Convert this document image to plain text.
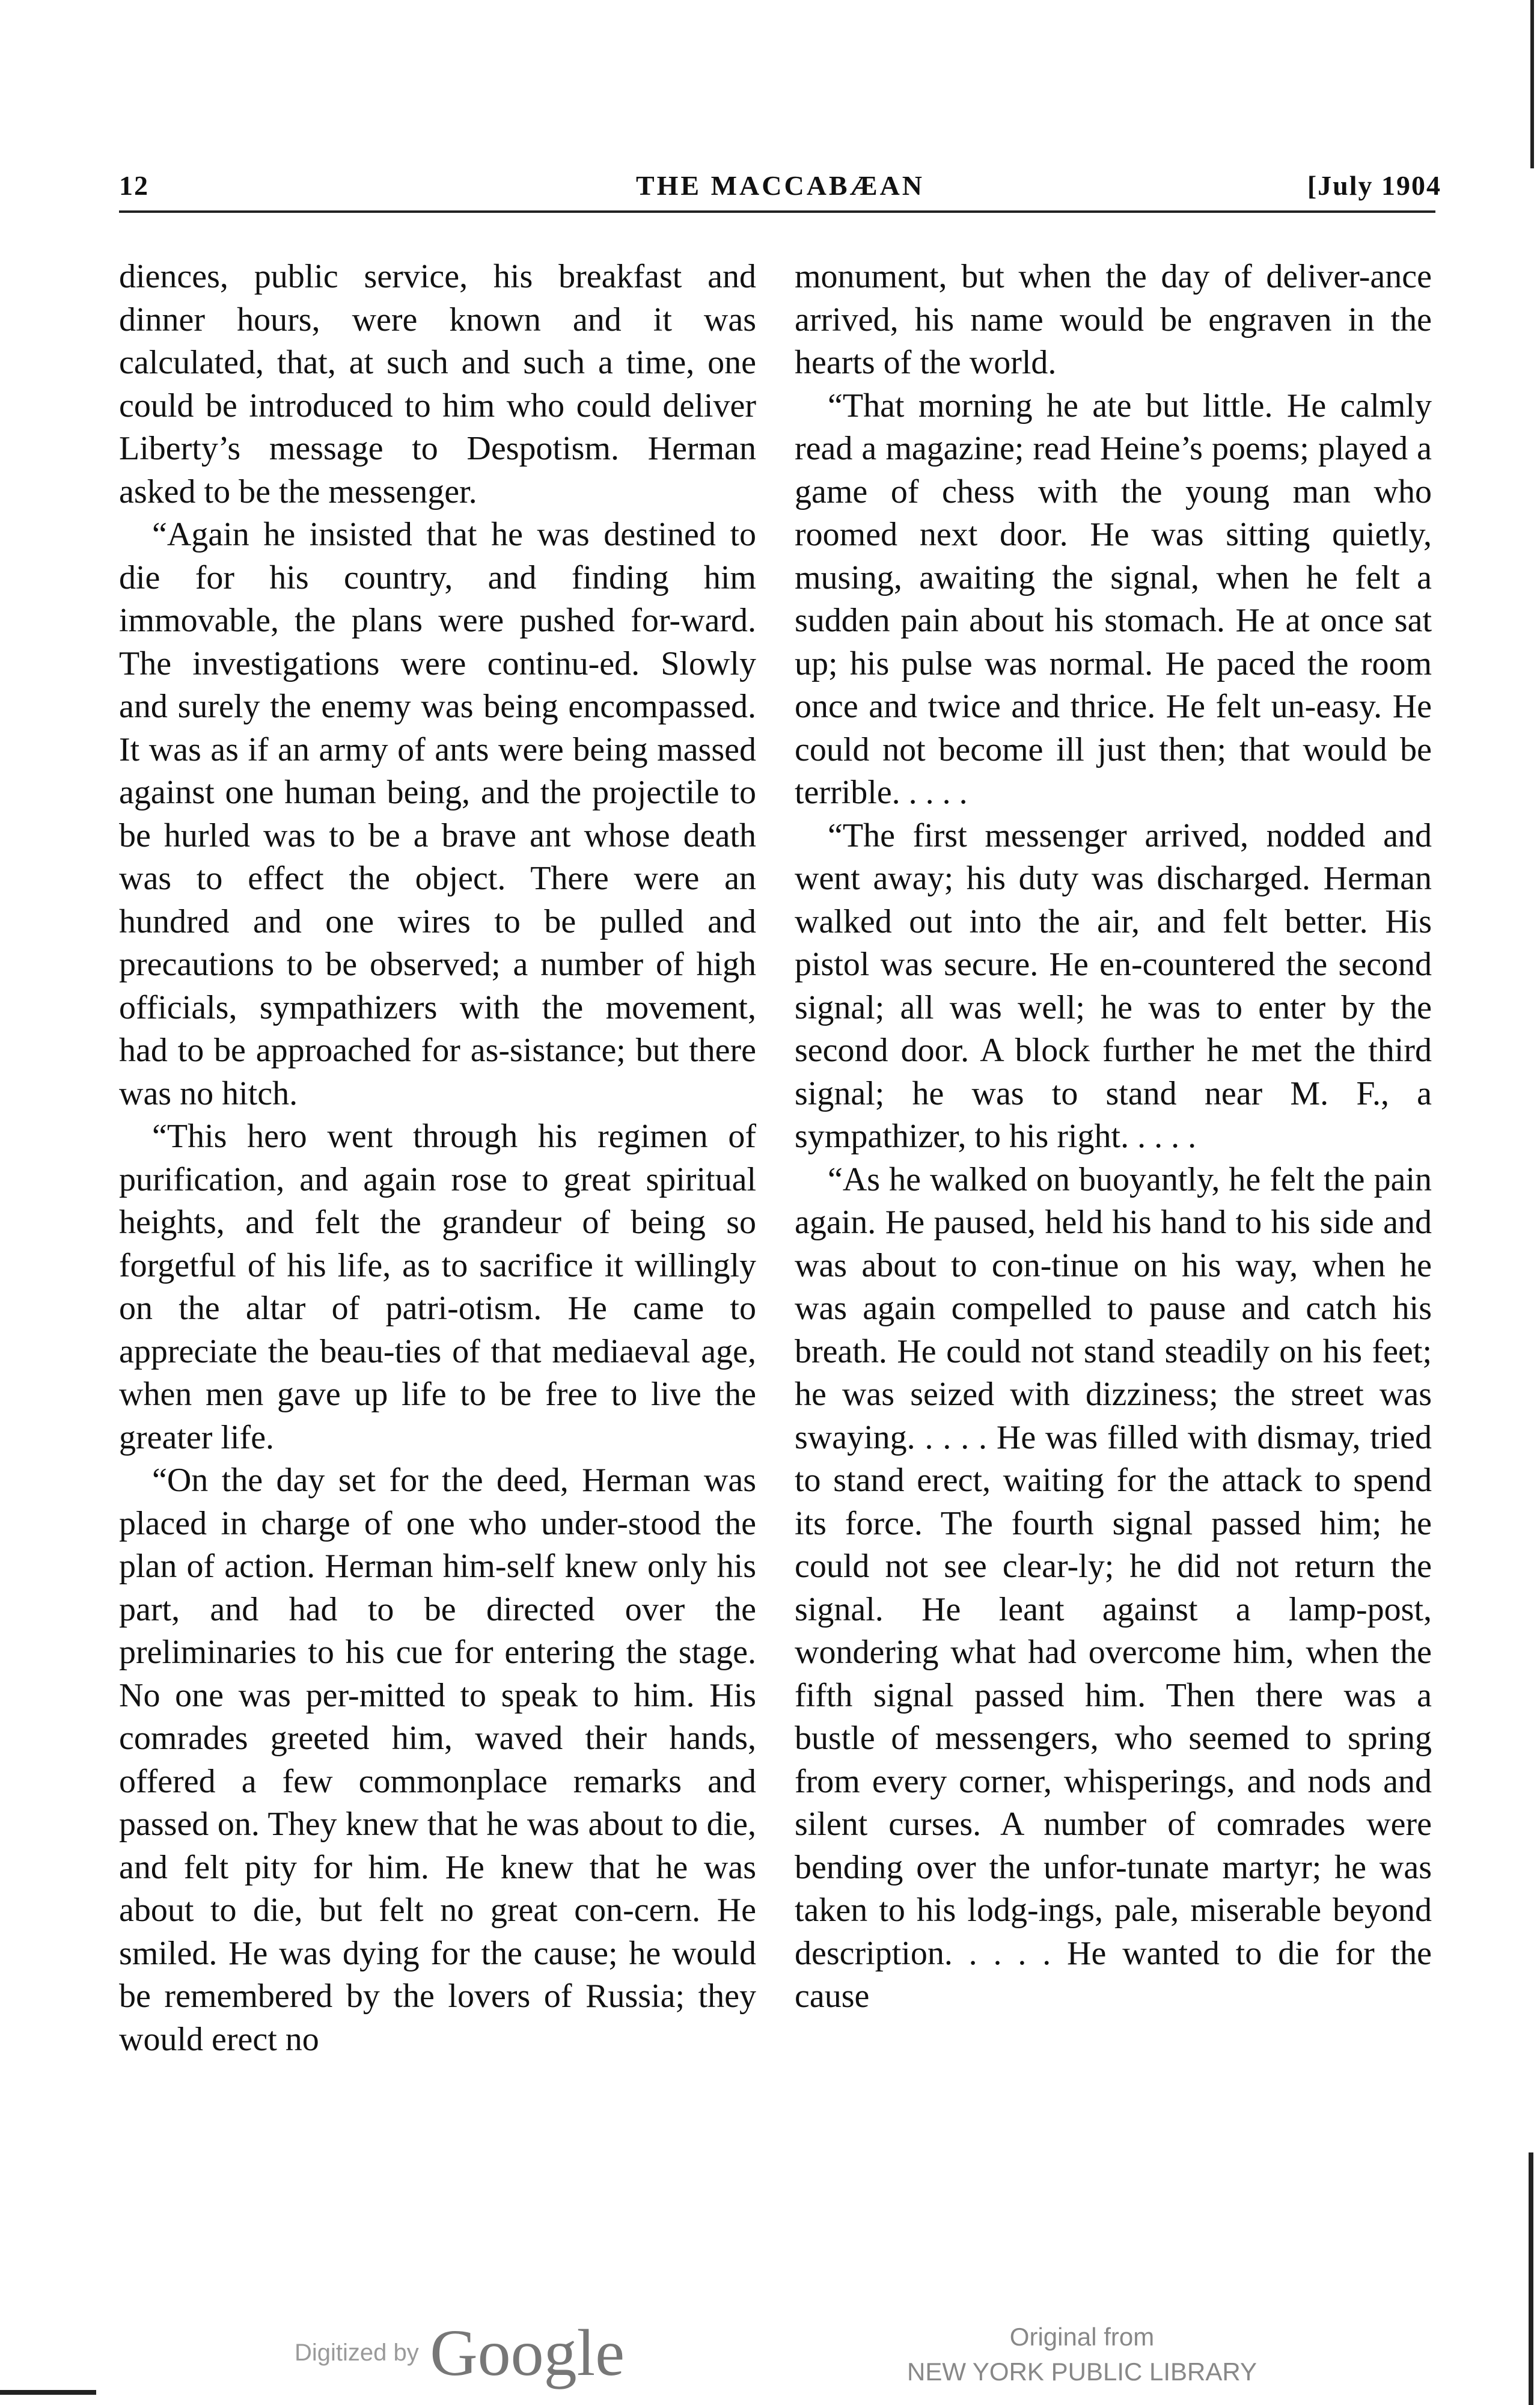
12	THE MACCABÆAN	[July 1904

diences, public service, his breakfast and dinner hours, were known and it was calculated, that, at such and such a time, one could be introduced to him who could deliver Liberty’s message to Despotism. Herman asked to be the messenger.

“Again he insisted that he was destined to die for his country, and finding him immovable, the plans were pushed for-ward. The investigations were continu-ed. Slowly and surely the enemy was being encompassed. It was as if an army of ants were being massed against one human being, and the projectile to be hurled was to be a brave ant whose death was to effect the object. There were an hundred and one wires to be pulled and precautions to be observed; a number of high officials, sympathizers with the movement, had to be approached for as-sistance; but there was no hitch.

“This hero went through his regimen of purification, and again rose to great spiritual heights, and felt the grandeur of being so forgetful of his life, as to sacrifice it willingly on the altar of patri-otism. He came to appreciate the beau-ties of that mediaeval age, when men gave up life to be free to live the greater life.

“On the day set for the deed, Herman was placed in charge of one who under-stood the plan of action. Herman him-self knew only his part, and had to be directed over the preliminaries to his cue for entering the stage. No one was per-mitted to speak to him. His comrades greeted him, waved their hands, offered a few commonplace remarks and passed on. They knew that he was about to die, and felt pity for him. He knew that he was about to die, but felt no great con-cern. He smiled. He was dying for the cause; he would be remembered by the lovers of Russia; they would erect no

monument, but when the day of deliver-ance arrived, his name would be engraven in the hearts of the world.

“That morning he ate but little. He calmly read a magazine; read Heine’s poems; played a game of chess with the young man who roomed next door. He was sitting quietly, musing, awaiting the signal, when he felt a sudden pain about his stomach. He at once sat up; his pulse was normal. He paced the room once and twice and thrice. He felt un-easy. He could not become ill just then; that would be terrible. . . . .

“The first messenger arrived, nodded and went away; his duty was discharged. Herman walked out into the air, and felt better. His pistol was secure. He en-countered the second signal; all was well; he was to enter by the second door. A block further he met the third signal; he was to stand near M. F., a sympathizer, to his right. . . . .

“As he walked on buoyantly, he felt the pain again. He paused, held his hand to his side and was about to con-tinue on his way, when he was again compelled to pause and catch his breath. He could not stand steadily on his feet; he was seized with dizziness; the street was swaying. . . . . He was filled with dismay, tried to stand erect, waiting for the attack to spend its force. The fourth signal passed him; he could not see clear-ly; he did not return the signal. He leant against a lamp-post, wondering what had overcome him, when the fifth signal passed him. Then there was a bustle of messengers, who seemed to spring from every corner, whisperings, and nods and silent curses. A number of comrades were bending over the unfor-tunate martyr; he was taken to his lodg-ings, pale, miserable beyond description. . . . . He wanted to die for the cause

Digitized by Google	Original from
NEW YORK PUBLIC LIBRARY
